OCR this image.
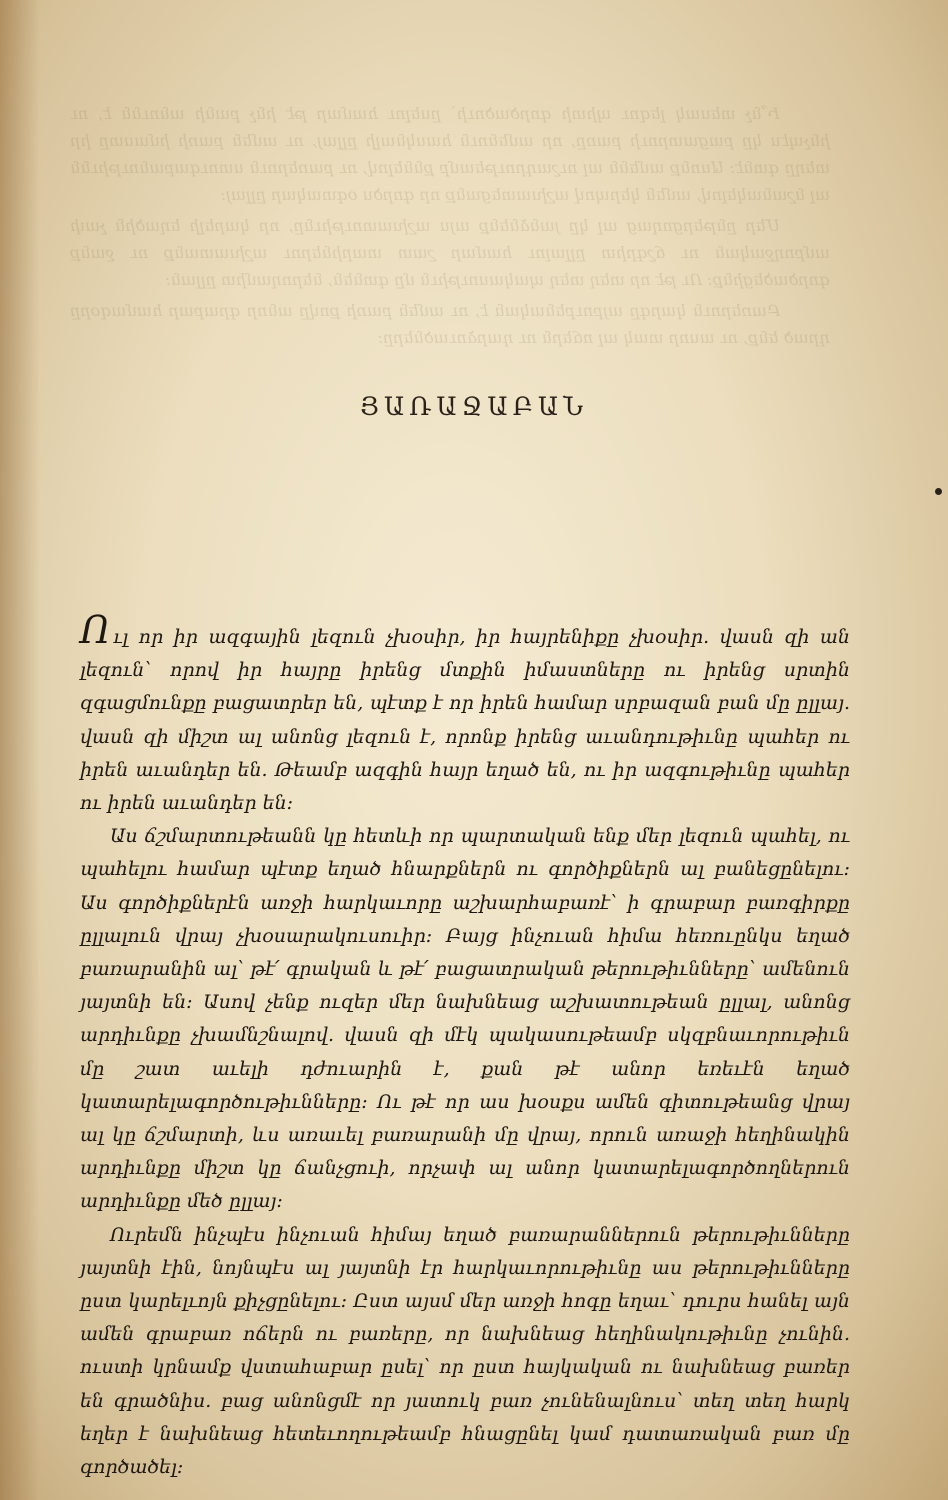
Ի՞նչ տեսակ լեզու պիտի գործածուի՝ ըսելու համար թէ ինչ բանի անունն է, ու ինչպէս կը բացատրուի բառը, որ ամենուն հասկնալի ըլլայ, ու ամեն բառի իմաստը իր տեղը գտնէ։ Ասոնք ամենն ալ ուշադրութեամբ քննելով, ու բառերուն ստուգաբանութիւնն ալ նշանակելով, ամեն կերպով աշխատեցանք որ գործս օգտակար ըլլայ։

Մեր ընթերցողաց ալ կը յանձնենք այս աշխատութիւնը, որ կարելի եղածին չափ ամբողջական ու ճշգրիտ ըլլալու համար շատ տարիներու աշխատանք ու ջանք գործածեցինք։ Ու թէ որ տեղ տեղ պակասութիւն մը գտնեն, ներողամիտ ըլլան։

Բառերուն կարգը այբուբենական է, ու ամեն բառի քովը անոր գրաբար համազօրը դրած ենք, ու ասոր տակ ալ ոճերն ու դարձուածները։

ՅԱՌԱՋԱԲԱՆ

Ուլ որ իր ազգային լեզուն չխօսիր, իր հայրենիքը չխօսիր. վասն զի ան լեզուն՝ որով իր հայրը իրենց մտքին իմաստները ու իրենց սրտին զգացմունքը բացատրեր են, պէտք է որ իրեն համար սրբազան բան մը ըլլայ. վասն զի միշտ ալ անոնց լեզուն է, որոնք իրենց աւանդութիւնը պահեր ու իրեն աւանդեր են. Թեամբ ազգին հայր եղած են, ու իր ազգութիւնը պահեր ու իրեն աւանդեր են։

Աս ճշմարտութեանն կը հետևի որ պարտական ենք մեր լեզուն պահել, ու պահելու համար պէտք եղած հնարքներն ու գործիքներն ալ բանեցընելու։ Աս գործիքներէն առջի հարկաւորը աշխարհաբառէ՝ ի գրաբար բառգիրքը ըլլալուն վրայ չխօսարակուսուիր։ Բայց ինչուան հիմա հեռուընկս եղած բառարանին ալ՝ թէ՛ գրական և թէ՛ բացատրական թերութիւնները՝ ամենուն յայտնի են։ Ասով չենք ուզեր մեր նախնեաց աշխատութեան ըլլալ, անոնց արդիւնքը չխամնշնալով. վասն զի մէկ պակասութեամբ սկզբնաւորութիւն մը շատ աւելի դժուարին է, քան թէ անոր եռեւէն եղած կատարելագործութիւնները։ Ու թէ որ աս խօսքս ամեն գիտութեանց վրայ ալ կը ճշմարտի, ևս առաւել բառարանի մը վրայ, որուն առաջի հեղինակին արդիւնքը միշտ կը ճանչցուի, որչափ ալ անոր կատարելագործողներուն արդիւնքը մեծ ըլլայ։

Ուրեմն ինչպէս ինչուան հիմայ եղած բառարաններուն թերութիւնները յայտնի էին, նոյնպէս ալ յայտնի էր հարկաւորութիւնը աս թերութիւնները ըստ կարելւոյն քիչցընելու։ Ըստ այսմ մեր առջի հոգը եղաւ՝ դուրս հանել այն ամեն գրաբառ ոճերն ու բառերը, որ նախնեաց հեղինակութիւնը չունին. ուստի կրնամք վստահաբար ըսել՝ որ ըստ հայկական ու նախնեաց բառեր են գրածնիս. բաց անոնցմէ որ յատուկ բառ չունենալնուս՝ տեղ տեղ հարկ եղեր է նախնեաց հետեւողութեամբ հնացընել կամ դատառական բառ մը գործածել։
